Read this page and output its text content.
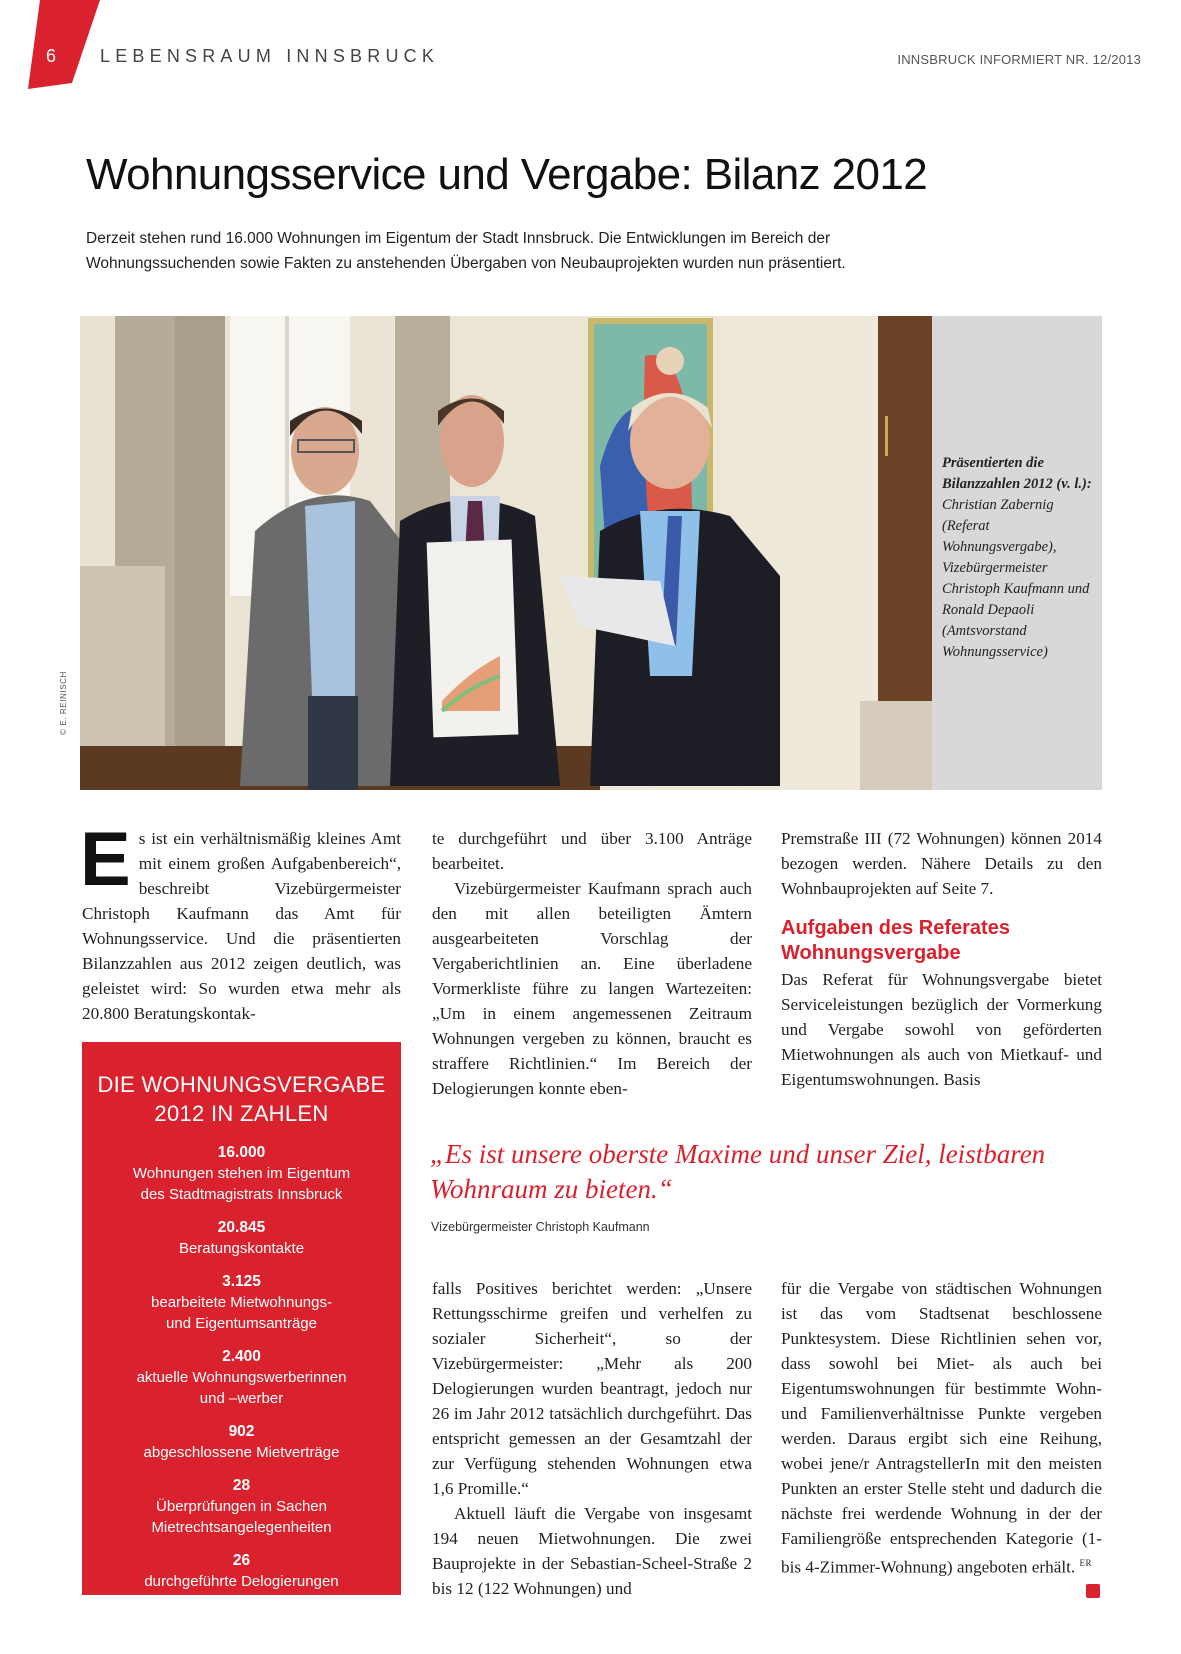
6 LEBENSRAUM INNSBRUCK	INNSBRUCK INFORMIERT NR. 12/2013
Wohnungsservice und Vergabe: Bilanz 2012

Derzeit stehen rund 16.000 Wohnungen im Eigentum der Stadt Innsbruck. Die Entwicklungen im Bereich der Wohnungssuchenden sowie Fakten zu anstehenden Übergaben von Neubauprojekten wurden nun präsentiert.

© E. REINISCH
Präsentierten die Bilanzzahlen 2012 (v. l.): Christian Zabernig (Referat Wohnungsvergabe), Vizebürgermeister Christoph Kaufmann und Ronald Depaoli (Amtsvorstand Wohnungsservice)
E s ist ein verhältnismäßig kleines Amt mit einem großen Aufgabenbereich“, beschreibt Vizebürgermeister Christoph Kaufmann das Amt für Wohnungsservice. Und die präsentierten Bilanzzahlen aus 2012 zeigen deutlich, was geleistet wird: So wurden etwa mehr als 20.800 Beratungskontak-

DIE WOHNUNGSVERGABE
2012 IN ZAHLEN
16.000
Wohnungen stehen im Eigentum
des Stadtmagistrats Innsbruck
20.845
Beratungskontakte
3.125
bearbeitete Mietwohnungs-
und Eigentumsanträge
2.400
aktuelle Wohnungswerberinnen
und –werber
902
abgeschlossene Mietverträge
28
Überprüfungen in Sachen
Mietrechtsangelegenheiten
26
durchgeführte Delogierungen

te durchgeführt und über 3.100 Anträge bearbeitet.

Vizebürgermeister Kaufmann sprach auch den mit allen beteiligten Ämtern ausgearbeiteten Vorschlag der Vergaberichtlinien an. Eine überladene Vormerkliste führe zu langen Wartezeiten: „Um in einem angemessenen Zeitraum Wohnungen vergeben zu können, braucht es straffere Richtlinien.“ Im Bereich der Delogierungen konnte eben-

Premstraße III (72 Wohnungen) können 2014 bezogen werden. Nähere Details zu den Wohnbauprojekten auf Seite 7.

Aufgaben des Referates Wohnungsvergabe

Das Referat für Wohnungsvergabe bietet Serviceleistungen bezüglich der Vormerkung und Vergabe sowohl von geförderten Mietwohnungen als auch von Mietkauf- und Eigentumswohnungen. Basis

„Es ist unsere oberste Maxime und unser Ziel, leistbaren Wohnraum zu bieten.“
Vizebürgermeister Christoph Kaufmann

falls Positives berichtet werden: „Unsere Rettungsschirme greifen und verhelfen zu sozialer Sicherheit“, so der Vizebürgermeister: „Mehr als 200 Delogierungen wurden beantragt, jedoch nur 26 im Jahr 2012 tatsächlich durchgeführt. Das entspricht gemessen an der Gesamtzahl der zur Verfügung stehenden Wohnungen etwa 1,6 Promille.“

Aktuell läuft die Vergabe von insgesamt 194 neuen Mietwohnungen. Die zwei Bauprojekte in der Sebastian-Scheel-Straße 2 bis 12 (122 Wohnungen) und

für die Vergabe von städtischen Wohnungen ist das vom Stadtsenat beschlossene Punktesystem. Diese Richtlinien sehen vor, dass sowohl bei Miet- als auch bei Eigentumswohnungen für bestimmte Wohn- und Familienverhältnisse Punkte vergeben werden. Daraus ergibt sich eine Reihung, wobei jene/r AntragstellerIn mit den meisten Punkten an erster Stelle steht und dadurch die nächste frei werdende Wohnung in der der Familiengröße entsprechenden Kategorie (1- bis 4-Zimmer-Wohnung) angeboten erhält. $^{ER}$
